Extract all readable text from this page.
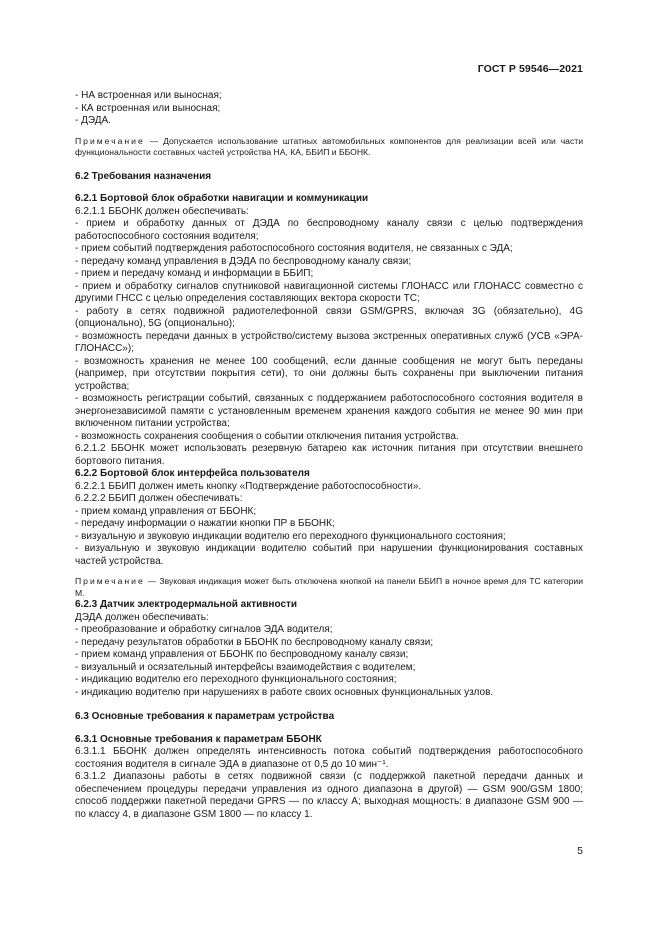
ГОСТ Р 59546—2021

- НА встроенная или выносная;

- КА встроенная или выносная;

- ДЭДА.

Примечание — Допускается использование штатных автомобильных компонентов для реализации всей или части функциональности составных частей устройства НА, КА, ББИП и ББОНК.

6.2 Требования назначения

6.2.1 Бортовой блок обработки навигации и коммуникации

6.2.1.1 ББОНК должен обеспечивать:

- прием и обработку данных от ДЭДА по беспроводному каналу связи с целью подтверждения работоспособного состояния водителя;

- прием событий подтверждения работоспособного состояния водителя, не связанных с ЭДА;

- передачу команд управления в ДЭДА по беспроводному каналу связи;

- прием и передачу команд и информации в ББИП;

- прием и обработку сигналов спутниковой навигационной системы ГЛОНАСС или ГЛОНАСС совместно с другими ГНСС с целью определения составляющих вектора скорости ТС;

- работу в сетях подвижной радиотелефонной связи GSM/GPRS, включая 3G (обязательно), 4G (опционально), 5G (опционально);

- возможность передачи данных в устройство/систему вызова экстренных оперативных служб (УСВ «ЭРА-ГЛОНАСС»);

- возможность хранения не менее 100 сообщений, если данные сообщения не могут быть переданы (например, при отсутствии покрытия сети), то они должны быть сохранены при выключении питания устройства;

- возможность регистрации событий, связанных с поддержанием работоспособного состояния водителя в энергонезависимой памяти с установленным временем хранения каждого события не менее 90 мин при включенном питании устройства;

- возможность сохранения сообщения о событии отключения питания устройства.

6.2.1.2 ББОНК может использовать резервную батарею как источник питания при отсутствии внешнего бортового питания.

6.2.2 Бортовой блок интерфейса пользователя

6.2.2.1 ББИП должен иметь кнопку «Подтверждение работоспособности».

6.2.2.2 ББИП должен обеспечивать:

- прием команд управления от ББОНК;

- передачу информации о нажатии кнопки ПР в ББОНК;

- визуальную и звуковую индикации водителю его переходного функционального состояния;

- визуальную и звуковую индикации водителю событий при нарушении функционирования составных частей устройства.

Примечание — Звуковая индикация может быть отключена кнопкой на панели ББИП в ночное время для ТС категории М.

6.2.3 Датчик электродермальной активности

ДЭДА должен обеспечивать:

- преобразование и обработку сигналов ЭДА водителя;

- передачу результатов обработки в ББОНК по беспроводному каналу связи;

- прием команд управления от ББОНК по беспроводному каналу связи;

- визуальный и осязательный интерфейсы взаимодействия с водителем;

- индикацию водителю его переходного функционального состояния;

- индикацию водителю при нарушениях в работе своих основных функциональных узлов.

6.3 Основные требования к параметрам устройства

6.3.1 Основные требования к параметрам ББОНК

6.3.1.1 ББОНК должен определять интенсивность потока событий подтверждения работоспособного состояния водителя в сигнале ЭДА в диапазоне от 0,5 до 10 мин⁻¹.

6.3.1.2 Диапазоны работы в сетях подвижной связи (с поддержкой пакетной передачи данных и обеспечением процедуры передачи управления из одного диапазона в другой) — GSM 900/GSM 1800; способ поддержки пакетной передачи GPRS — по классу А; выходная мощность: в диапазоне GSM 900 — по классу 4, в диапазоне GSM 1800 — по классу 1.

5
